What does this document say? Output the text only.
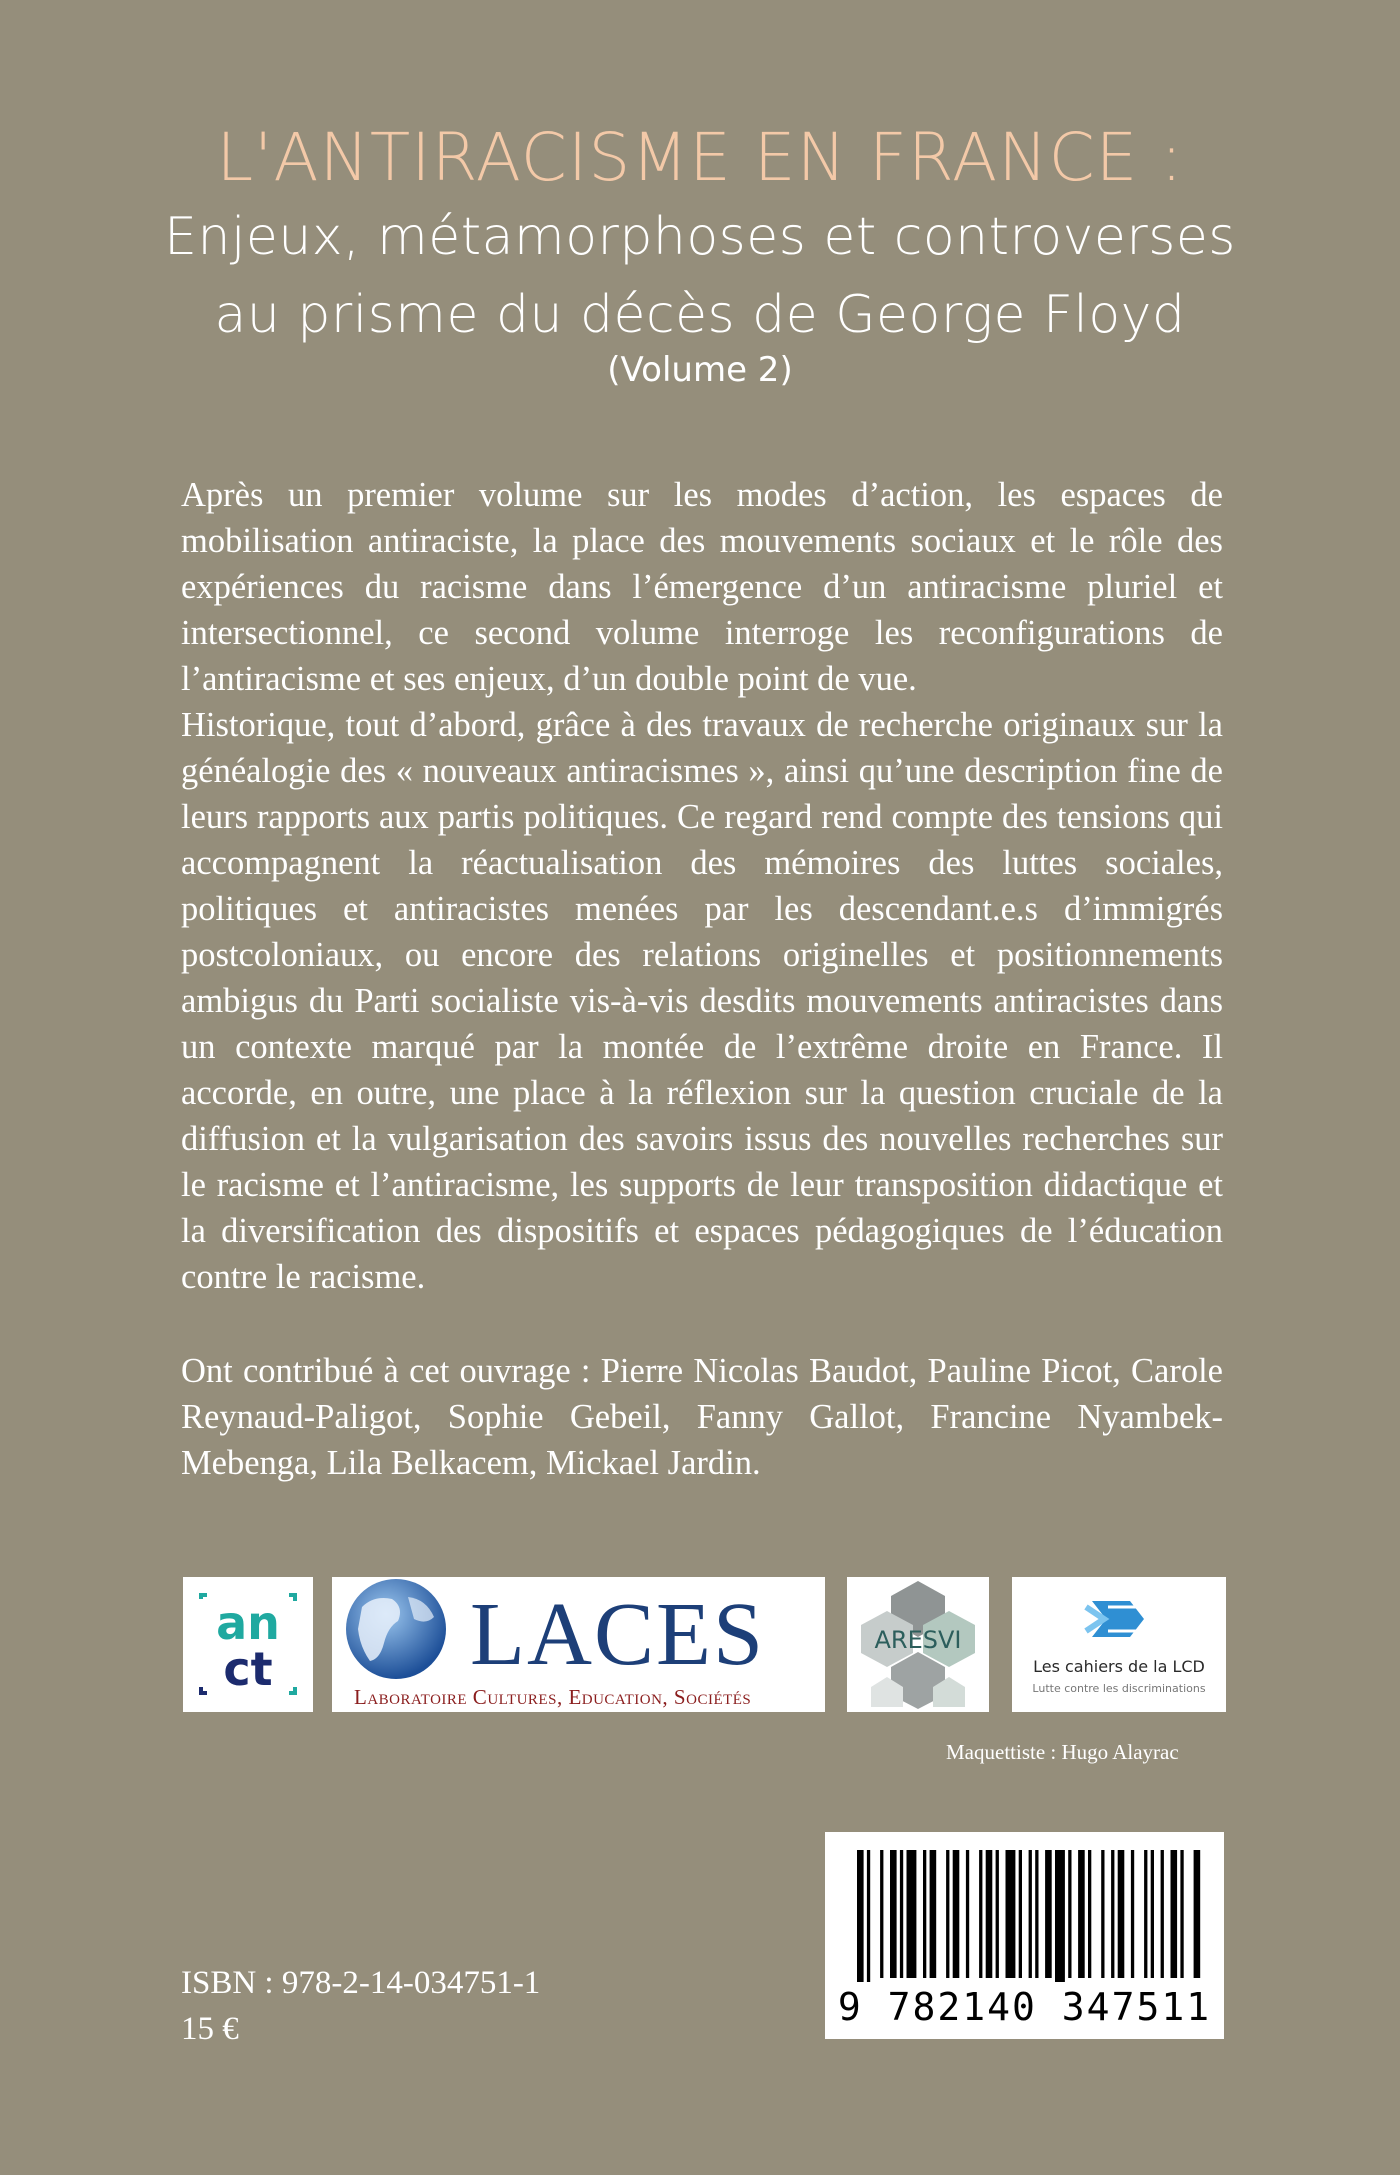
L'ANTIRACISME EN FRANCE :
Enjeux, métamorphoses et controverses
au prisme du décès de George Floyd
(Volume 2)

Après un premier volume sur les modes d’action, les espaces de mobilisation antiraciste, la place des mouvements sociaux et le rôle des expériences du racisme dans l’émergence d’un antiracisme pluriel et intersectionnel, ce second volume interroge les reconfigurations de l’antiracisme et ses enjeux, d’un double point de vue.

Historique, tout d’abord, grâce à des travaux de recherche originaux sur la généalogie des « nouveaux antiracismes », ainsi qu’une description fine de leurs rapports aux partis politiques. Ce regard rend compte des tensions qui accompagnent la réactualisation des mémoires des luttes sociales, politiques et antiracistes menées par les descendant.e.s d’immigrés postcoloniaux, ou encore des relations originelles et positionnements ambigus du Parti socialiste vis-à-vis desdits mouvements antiracistes dans un contexte marqué par la montée de l’extrême droite en France. Il accorde, en outre, une place à la réflexion sur la question cruciale de la diffusion et la vulgarisation des savoirs issus des nouvelles recherches sur le racisme et l’antiracisme, les supports de leur transposition didactique et la diversification des dispositifs et espaces pédagogiques de l’éducation contre le racisme.

Ont contribué à cet ouvrage : Pierre Nicolas Baudot, Pauline Picot, Carole Reynaud-Paligot, Sophie Gebeil, Fanny Gallot, Francine Nyambek-Mebenga, Lila Belkacem, Mickael Jardin.
an
ct LACES
Laboratoire Cultures, Education, Sociétés
ARESVI
Les cahiers de la LCD
Lutte contre les discriminations
Maquettiste : Hugo Alayrac
ISBN : 978-2-14-034751-1
15 €	9 782140 347511
